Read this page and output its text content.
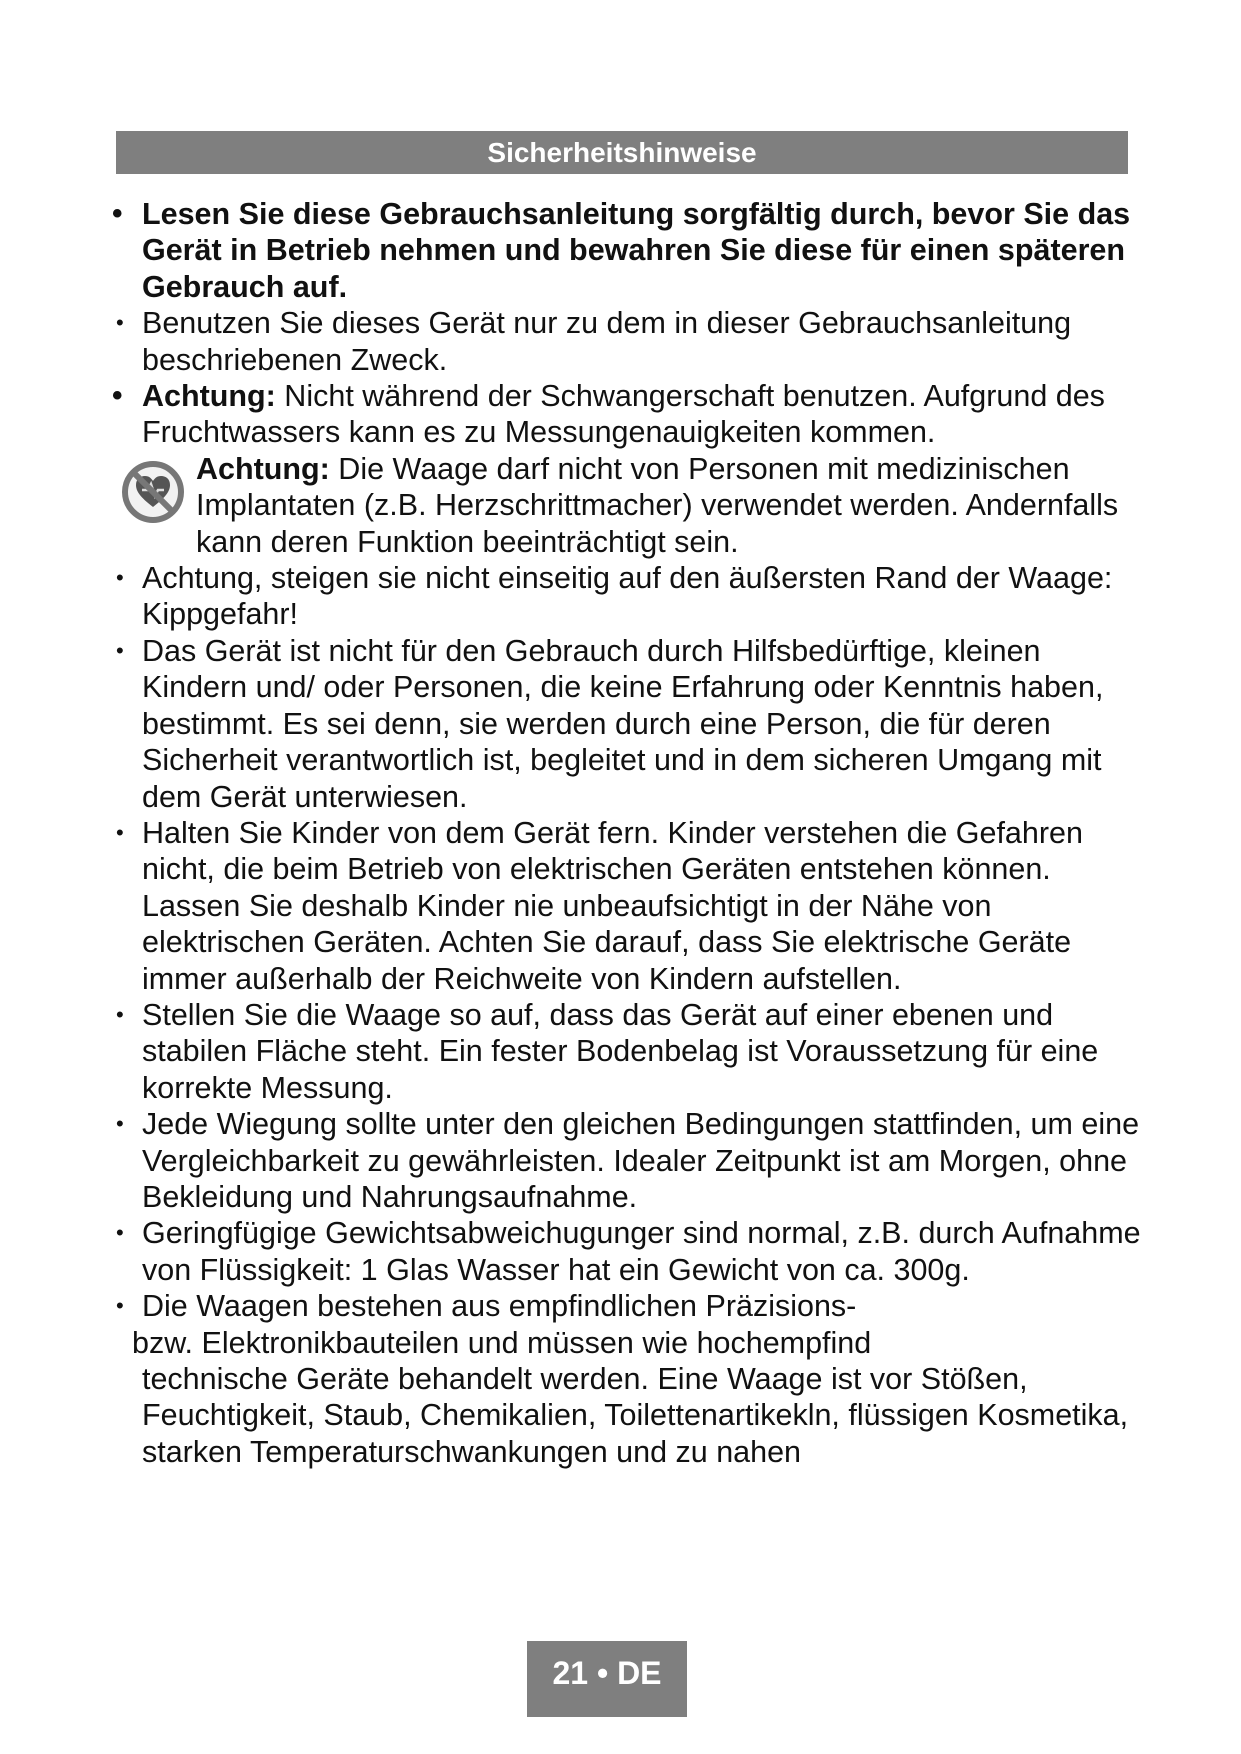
Sicherheitshinweise
• Lesen Sie diese Gebrauchsanleitung sorgfältig durch, bevor Sie das Gerät in Betrieb nehmen und bewahren Sie diese für einen späteren Gebrauch auf.
• Benutzen Sie dieses Gerät nur zu dem in dieser Gebrauchsanleitung beschriebenen Zweck.
• Achtung: Nicht während der Schwangerschaft benutzen. Aufgrund des Fruchtwassers kann es zu Messungenauigkeiten kommen.
Achtung: Die Waage darf nicht von Personen mit medizinischen Implantaten (z.B. Herzschrittmacher) verwendet werden. Andernfalls kann deren Funktion beeinträchtigt sein.
• Achtung, steigen sie nicht einseitig auf den äußersten Rand der Waage: Kippgefahr!
• Das Gerät ist nicht für den Gebrauch durch Hilfsbedürftige, kleinen Kindern und/ oder Personen, die keine Erfahrung oder Kenntnis haben, bestimmt. Es sei denn, sie werden durch eine Person, die für deren Sicherheit verantwortlich ist, begleitet und in dem sicheren Umgang mit dem Gerät unterwiesen.
• Halten Sie Kinder von dem Gerät fern. Kinder verstehen die Gefahren nicht, die beim Betrieb von elektrischen Geräten entstehen können. Lassen Sie deshalb Kinder nie unbeaufsichtigt in der Nähe von elektrischen Geräten. Achten Sie darauf, dass Sie elektrische Geräte immer außerhalb der Reichweite von Kindern aufstellen.
• Stellen Sie die Waage so auf, dass das Gerät auf einer ebenen und stabilen Fläche steht. Ein fester Bodenbelag ist Voraussetzung für eine korrekte Messung.
• Jede Wiegung sollte unter den gleichen Bedingungen stattfinden, um eine Vergleichbarkeit zu gewährleisten. Idealer Zeitpunkt ist am Morgen, ohne Bekleidung und Nahrungsaufnahme.
• Geringfügige Gewichtsabweichugunger sind normal, z.B. durch Aufnahme von Flüssigkeit: 1 Glas Wasser hat ein Gewicht von ca. 300g.
• Die Waagen bestehen aus empfindlichen Präzisions-
bzw. Elektronikbauteilen und müssen wie hochempfind
technische Geräte behandelt werden. Eine Waage ist vor Stößen, Feuchtigkeit, Staub, Chemikalien, Toilettenartikekln, flüssigen Kosmetika, starken Temperaturschwankungen und zu nahen
21 • DE
